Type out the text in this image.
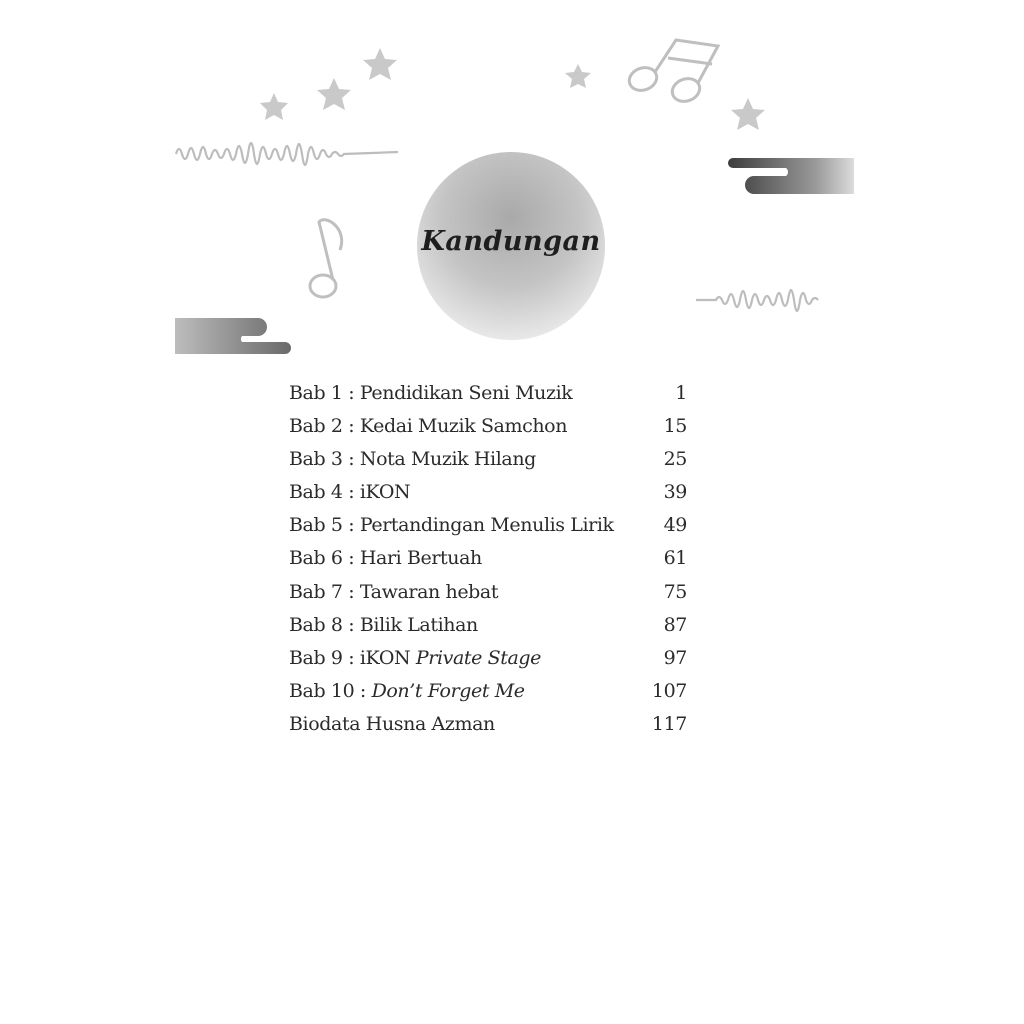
Kandungan
Bab 1 : Pendidikan Seni Muzik	1
Bab 2 : Kedai Muzik Samchon	15
Bab 3 : Nota Muzik Hilang	25
Bab 4 : iKON	39
Bab 5 : Pertandingan Menulis Lirik	49
Bab 6 : Hari Bertuah	61
Bab 7 : Tawaran hebat	75
Bab 8 : Bilik Latihan	87
Bab 9 : iKON Private Stage	97
Bab 10 : Don’t Forget Me	107
Biodata Husna Azman	117
